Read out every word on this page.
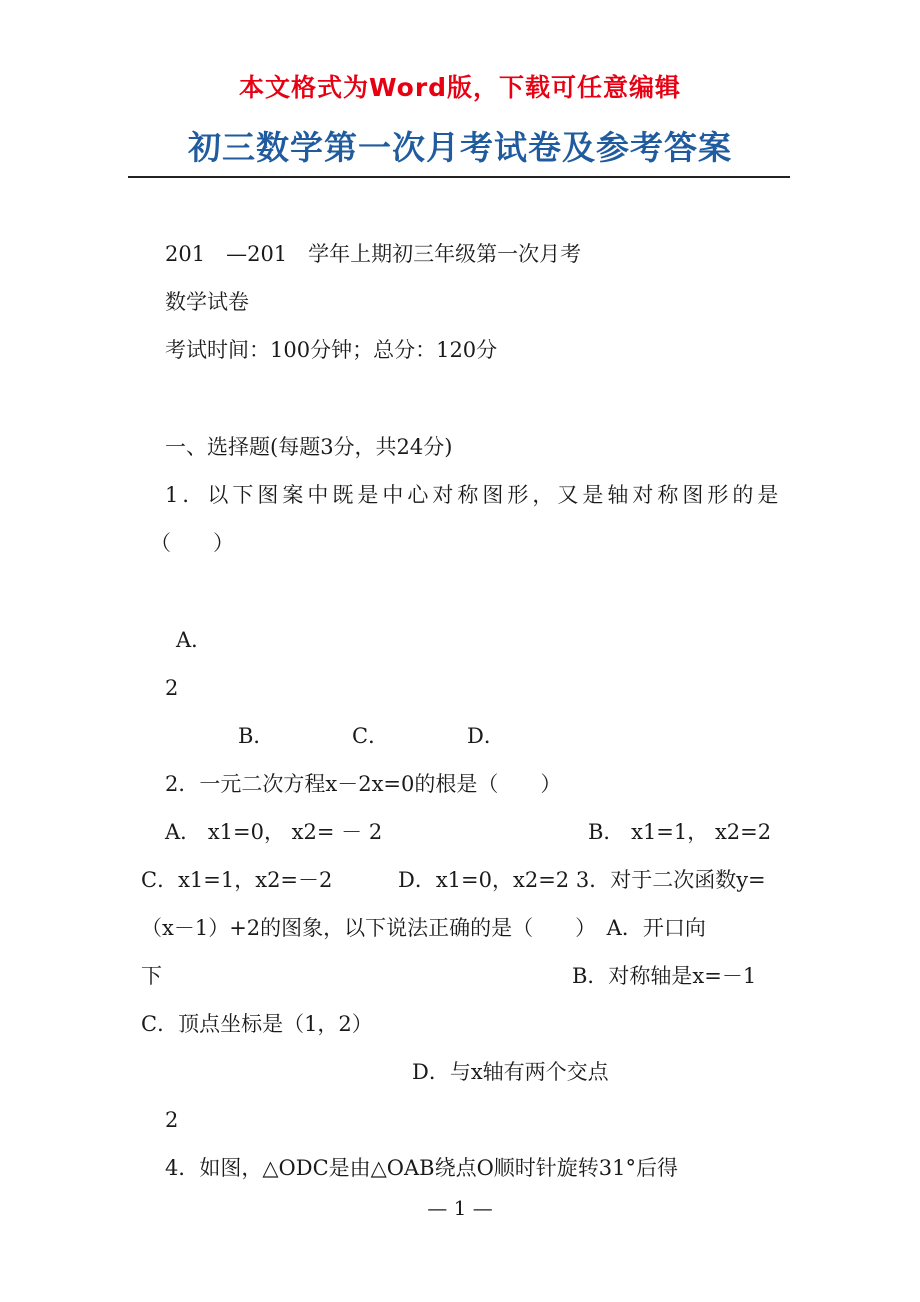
本文格式为Word版，下载可任意编辑
初三数学第一次月考试卷及参考答案
201　—201　学年上期初三年级第一次月考
数学试卷
考试时间：100分钟；总分：120分
一、选择题(每题3分，共24分)
1．以下图案中既是中心对称图形，又是轴对称图形的是
（　　）
A．
2
B．	C．	D．
2．一元二次方程x－2x=0的根是（　　）
A． x1=0， x2= － 2	B． x1=1， x2=2
C．x1=1，x2=－2	D．x1=0，x2=2 3．对于二次函数y=
（x－1）+2的图象，以下说法正确的是（　　）　A．开口向
下	B．对称轴是x=－1
C．顶点坐标是（1，2）
D．与x轴有两个交点
2
4．如图，△ODC是由△OAB绕点O顺时针旋转31°后得
— 1 —
